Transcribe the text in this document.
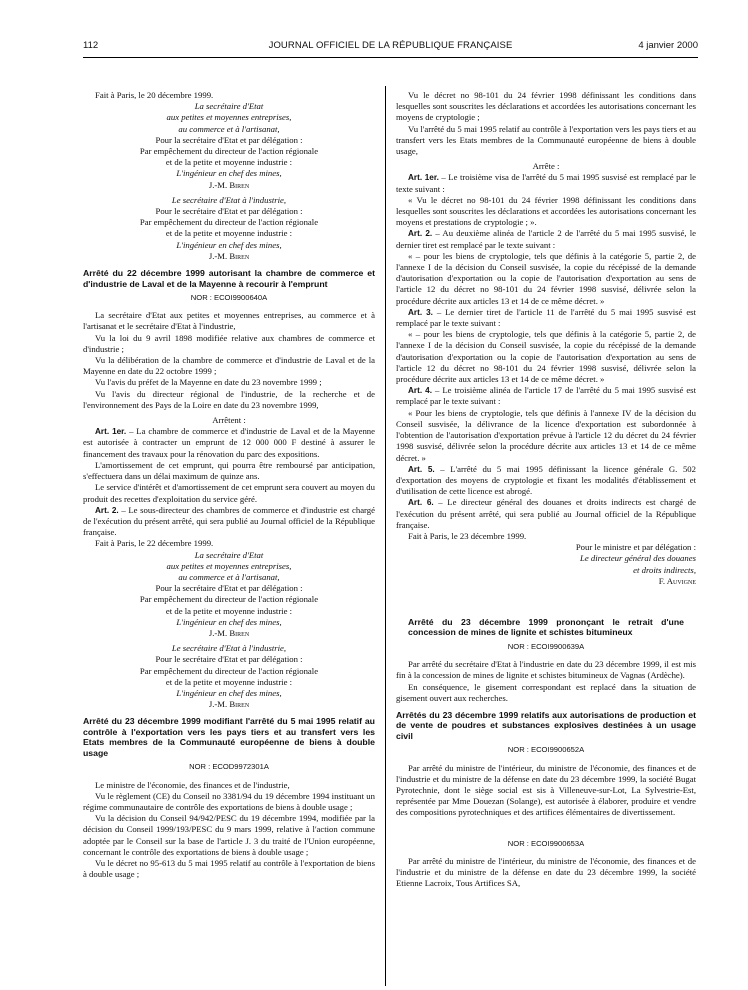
112	JOURNAL OFFICIEL DE LA RÉPUBLIQUE FRANÇAISE	4 janvier 2000

Fait à Paris, le 20 décembre 1999.

La secrétaire d'Etat

aux petites et moyennes entreprises,

au commerce et à l'artisanat,

Pour la secrétaire d'Etat et par délégation :

Par empêchement du directeur de l'action régionale

et de la petite et moyenne industrie :

L'ingénieur en chef des mines,

J.-M. Biren

Le secrétaire d'Etat à l'industrie,

Pour le secrétaire d'Etat et par délégation :

Par empêchement du directeur de l'action régionale

et de la petite et moyenne industrie :

L'ingénieur en chef des mines,

J.-M. Biren

Arrêté du 22 décembre 1999 autorisant la chambre de commerce et d'industrie de Laval et de la Mayenne à recourir à l'emprunt

NOR : ECOI9900640A

La secrétaire d'Etat aux petites et moyennes entreprises, au commerce et à l'artisanat et le secrétaire d'Etat à l'industrie,

Vu la loi du 9 avril 1898 modifiée relative aux chambres de commerce et d'industrie ;

Vu la délibération de la chambre de commerce et d'industrie de Laval et de la Mayenne en date du 22 octobre 1999 ;

Vu l'avis du préfet de la Mayenne en date du 23 novembre 1999 ;

Vu l'avis du directeur régional de l'industrie, de la recherche et de l'environnement des Pays de la Loire en date du 23 novembre 1999,

Arrêtent :

Art. 1er. – La chambre de commerce et d'industrie de Laval et de la Mayenne est autorisée à contracter un emprunt de 12 000 000 F destiné à assurer le financement des travaux pour la rénovation du parc des expositions.

L'amortissement de cet emprunt, qui pourra être remboursé par anticipation, s'effectuera dans un délai maximum de quinze ans.

Le service d'intérêt et d'amortissement de cet emprunt sera couvert au moyen du produit des recettes d'exploitation du service géré.

Art. 2. – Le sous-directeur des chambres de commerce et d'industrie est chargé de l'exécution du présent arrêté, qui sera publié au Journal officiel de la République française.

Fait à Paris, le 22 décembre 1999.

La secrétaire d'Etat

aux petites et moyennes entreprises,

au commerce et à l'artisanat,

Pour la secrétaire d'Etat et par délégation :

Par empêchement du directeur de l'action régionale

et de la petite et moyenne industrie :

L'ingénieur en chef des mines,

J.-M. Biren

Le secrétaire d'Etat à l'industrie,

Pour le secrétaire d'Etat et par délégation :

Par empêchement du directeur de l'action régionale

et de la petite et moyenne industrie :

L'ingénieur en chef des mines,

J.-M. Biren

Arrêté du 23 décembre 1999 modifiant l'arrêté du 5 mai 1995 relatif au contrôle à l'exportation vers les pays tiers et au transfert vers les Etats membres de la Communauté européenne de biens à double usage

NOR : ECOD9972301A

Le ministre de l'économie, des finances et de l'industrie,

Vu le règlement (CE) du Conseil no 3381/94 du 19 décembre 1994 instituant un régime communautaire de contrôle des exportations de biens à double usage ;

Vu la décision du Conseil 94/942/PESC du 19 décembre 1994, modifiée par la décision du Conseil 1999/193/PESC du 9 mars 1999, relative à l'action commune adoptée par le Conseil sur la base de l'article J. 3 du traité de l'Union européenne, concernant le contrôle des exportations de biens à double usage ;

Vu le décret no 95-613 du 5 mai 1995 relatif au contrôle à l'exportation de biens à double usage ;

Vu le décret no 98-101 du 24 février 1998 définissant les conditions dans lesquelles sont souscrites les déclarations et accordées les autorisations concernant les moyens de cryptologie ;

Vu l'arrêté du 5 mai 1995 relatif au contrôle à l'exportation vers les pays tiers et au transfert vers les Etats membres de la Communauté européenne de biens à double usage,

Arrête :

Art. 1er. – Le troisième visa de l'arrêté du 5 mai 1995 susvisé est remplacé par le texte suivant :

« Vu le décret no 98-101 du 24 février 1998 définissant les conditions dans lesquelles sont souscrites les déclarations et accordées les autorisations concernant les moyens et prestations de cryptologie ; ».

Art. 2. – Au deuxième alinéa de l'article 2 de l'arrêté du 5 mai 1995 susvisé, le dernier tiret est remplacé par le texte suivant :

« – pour les biens de cryptologie, tels que définis à la catégorie 5, partie 2, de l'annexe I de la décision du Conseil susvisée, la copie du récépissé de la demande d'autorisation d'exportation ou la copie de l'autorisation d'exportation au sens de l'article 12 du décret no 98-101 du 24 février 1998 susvisé, délivrée selon la procédure décrite aux articles 13 et 14 de ce même décret. »

Art. 3. – Le dernier tiret de l'article 11 de l'arrêté du 5 mai 1995 susvisé est remplacé par le texte suivant :

« – pour les biens de cryptologie, tels que définis à la catégorie 5, partie 2, de l'annexe I de la décision du Conseil susvisée, la copie du récépissé de la demande d'autorisation d'exportation ou la copie de l'autorisation d'exportation au sens de l'article 12 du décret no 98-101 du 24 février 1998 susvisé, délivrée selon la procédure décrite aux articles 13 et 14 de ce même décret. »

Art. 4. – Le troisième alinéa de l'article 17 de l'arrêté du 5 mai 1995 susvisé est remplacé par le texte suivant :

« Pour les biens de cryptologie, tels que définis à l'annexe IV de la décision du Conseil susvisée, la délivrance de la licence d'exportation est subordonnée à l'obtention de l'autorisation d'exportation prévue à l'article 12 du décret du 24 février 1998 susvisé, délivrée selon la procédure décrite aux articles 13 et 14 de ce même décret. »

Art. 5. – L'arrêté du 5 mai 1995 définissant la licence générale G. 502 d'exportation des moyens de cryptologie et fixant les modalités d'établissement et d'utilisation de cette licence est abrogé.

Art. 6. – Le directeur général des douanes et droits indirects est chargé de l'exécution du présent arrêté, qui sera publié au Journal officiel de la République française.

Fait à Paris, le 23 décembre 1999.

Pour le ministre et par délégation :

Le directeur général des douanes

et droits indirects,

F. Auvigne

Arrêté du 23 décembre 1999 prononçant le retrait d'une concession de mines de lignite et schistes bitumineux

NOR : ECOI9900639A

Par arrêté du secrétaire d'Etat à l'industrie en date du 23 décembre 1999, il est mis fin à la concession de mines de lignite et schistes bitumineux de Vagnas (Ardèche).

En conséquence, le gisement correspondant est replacé dans la situation de gisement ouvert aux recherches.

Arrêtés du 23 décembre 1999 relatifs aux autorisations de production et de vente de poudres et substances explosives destinées à un usage civil

NOR : ECOI9900652A

Par arrêté du ministre de l'intérieur, du ministre de l'économie, des finances et de l'industrie et du ministre de la défense en date du 23 décembre 1999, la société Bugat Pyrotechnie, dont le siège social est sis à Villeneuve-sur-Lot, La Sylvestrie-Est, représentée par Mme Douezan (Solange), est autorisée à élaborer, produire et vendre des compositions pyrotechniques et des artifices élémentaires de divertissement.

NOR : ECOI9900653A

Par arrêté du ministre de l'intérieur, du ministre de l'économie, des finances et de l'industrie et du ministre de la défense en date du 23 décembre 1999, la société Etienne Lacroix, Tous Artifices SA,
